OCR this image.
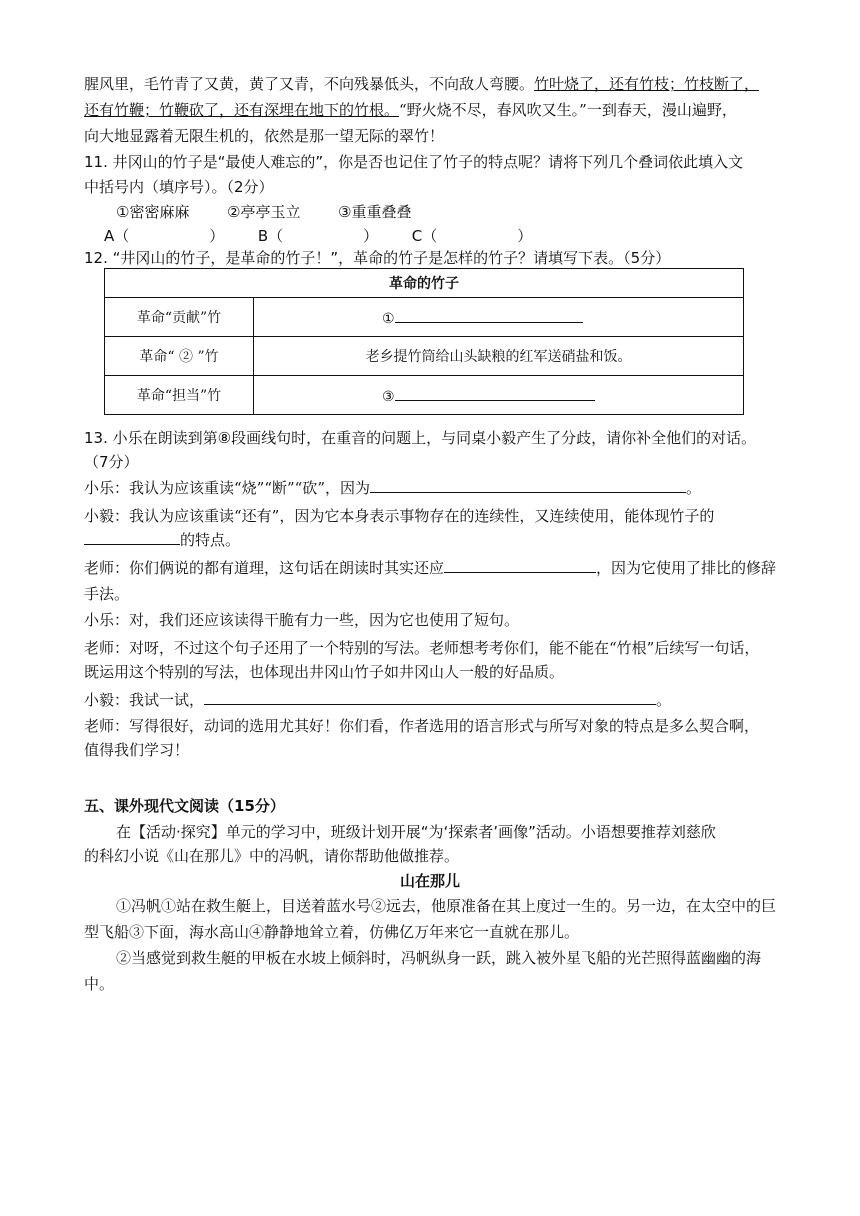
腥风里，毛竹青了又黄，黄了又青，不向残暴低头，不向敌人弯腰。竹叶烧了，还有竹枝；竹枝断了，
还有竹鞭；竹鞭砍了，还有深埋在地下的竹根。“野火烧不尽，春风吹又生。”一到春天，漫山遍野，
向大地显露着无限生机的，依然是那一望无际的翠竹！
11. 井冈山的竹子是“最使人难忘的”，你是否也记住了竹子的特点呢？请将下列几个叠词依此填入文
中括号内（填序号）。（2分）
①密密麻麻	②亭亭玉立	③重重叠叠
A（	） B（	） C（	）
12. “井冈山的竹子，是革命的竹子！”，革命的竹子是怎样的竹子？请填写下表。（5分）
革命的竹子	
革命“贡献”竹	①
革命“ ② ”竹	老乡提竹筒给山头缺粮的红军送硝盐和饭。
革命“担当”竹	③
13. 小乐在朗读到第⑧段画线句时，在重音的问题上，与同桌小毅产生了分歧，请你补全他们的对话。
（7分）
小乐：我认为应该重读“烧”“断”“砍”，因为	。
小毅：我认为应该重读“还有”，因为它本身表示事物存在的连续性，又连续使用，能体现竹子的
的特点。
老师：你们俩说的都有道理，这句话在朗读时其实还应	，因为它使用了排比的修辞
手法。
小乐：对，我们还应该读得干脆有力一些，因为它也使用了短句。
老师：对呀，不过这个句子还用了一个特别的写法。老师想考考你们，能不能在“竹根”后续写一句话，
既运用这个特别的写法，也体现出井冈山竹子如井冈山人一般的好品质。
小毅：我试一试，	。
老师：写得很好，动词的选用尤其好！你们看，作者选用的语言形式与所写对象的特点是多么契合啊，
值得我们学习！
五、课外现代文阅读（15分）
在【活动·探究】单元的学习中，班级计划开展“为‘探索者’画像”活动。小语想要推荐刘慈欣
的科幻小说《山在那儿》中的冯帆，请你帮助他做推荐。
山在那儿
①冯帆①站在救生艇上，目送着蓝水号②远去，他原准备在其上度过一生的。另一边，在太空中的巨
型飞船③下面，海水高山④静静地耸立着，仿佛亿万年来它一直就在那儿。
②当感觉到救生艇的甲板在水坡上倾斜时，冯帆纵身一跃，跳入被外星飞船的光芒照得蓝幽幽的海
中。
